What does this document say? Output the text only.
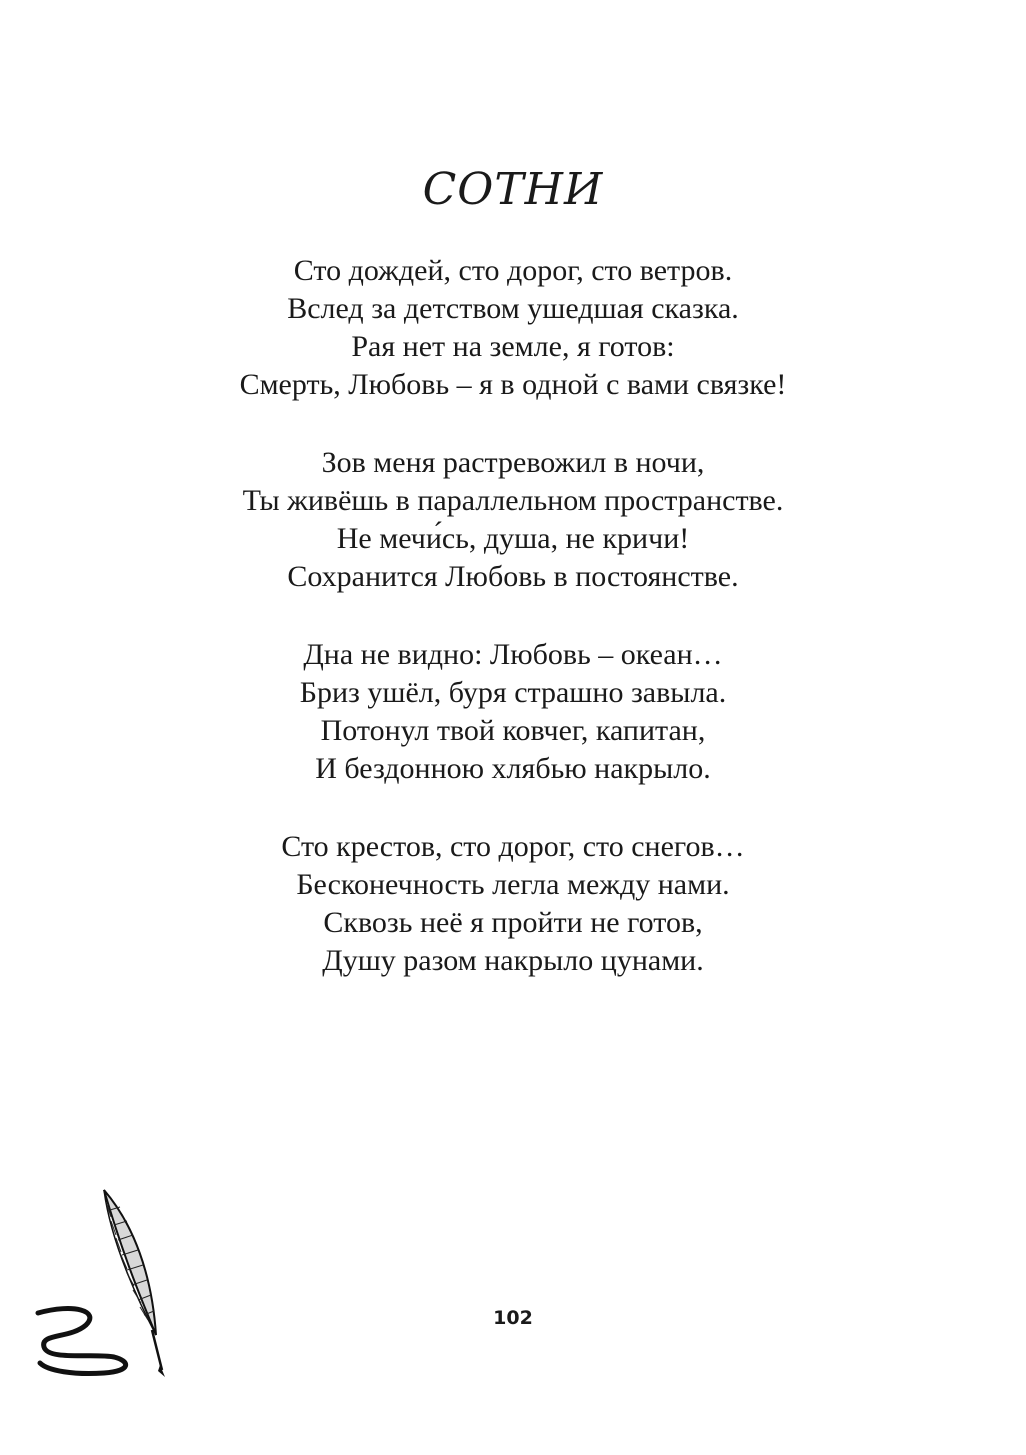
СОТНИ
Сто дождей, сто дорог, сто ветров.
Вслед за детством ушедшая сказка.
Рая нет на земле, я готов:
Смерть, Любовь – я в одной с вами связке!
Зов меня растревожил в ночи,
Ты живёшь в параллельном пространстве.
Не мечи́сь, душа, не кричи!
Сохранится Любовь в постоянстве.
Дна не видно: Любовь – океан…
Бриз ушёл, буря страшно завыла.
Потонул твой ковчег, капитан,
И бездонною хлябью накрыло.
Сто крестов, сто дорог, сто снегов…
Бесконечность легла между нами.
Сквозь неё я пройти не готов,
Душу разом накрыло цунами.
102
